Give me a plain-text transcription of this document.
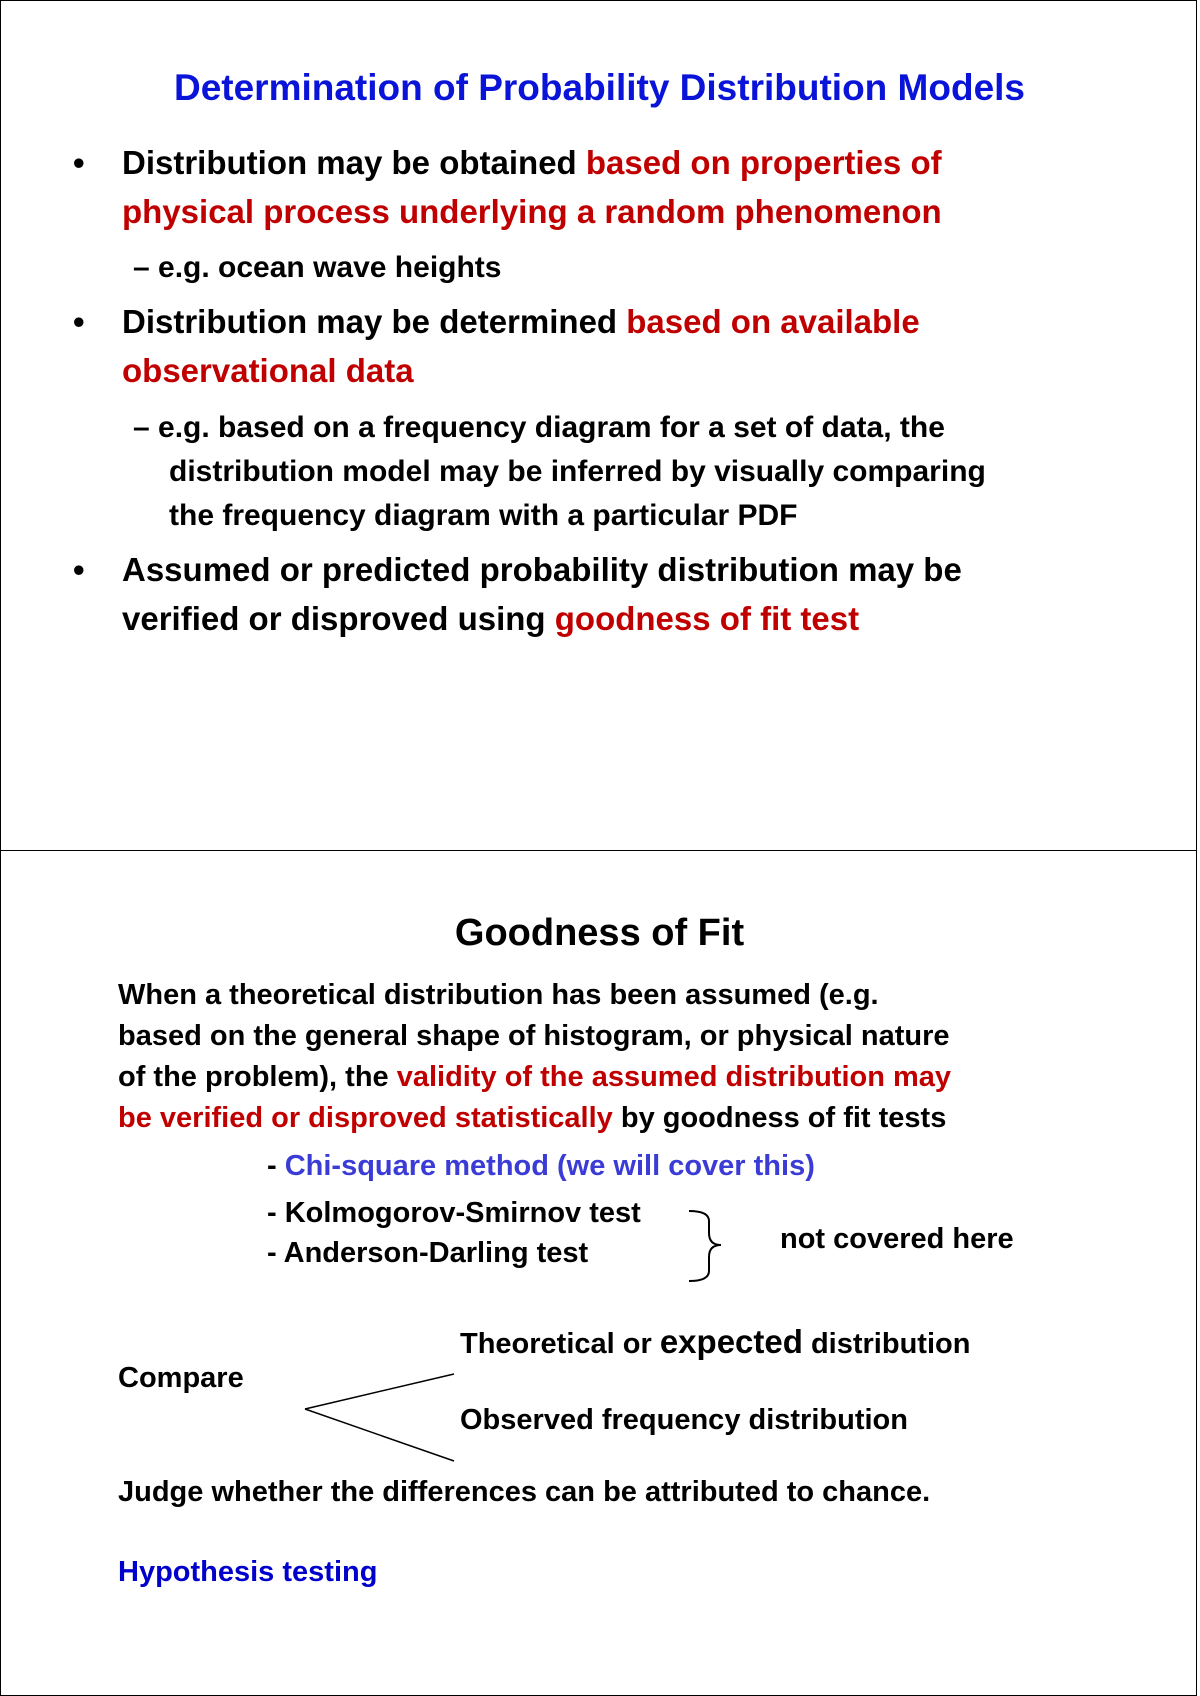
Determination of Probability Distribution Models
• Distribution may be obtained based on properties of
physical process underlying a random phenomenon
– e.g. ocean wave heights
• Distribution may be determined based on available
observational data
– e.g. based on a frequency diagram for a set of data, the
distribution model may be inferred by visually comparing
the frequency diagram with a particular PDF
• Assumed or predicted probability distribution may be
verified or disproved using goodness of fit test
Goodness of Fit
When a theoretical distribution has been assumed (e.g.
based on the general shape of histogram, or physical nature
of the problem), the validity of the assumed distribution may
be verified or disproved statistically by goodness of fit tests
- Chi-square method (we will cover this)
- Kolmogorov-Smirnov test
- Anderson-Darling test	not covered here
Theoretical or expected distribution
Compare
Observed frequency distribution
Judge whether the differences can be attributed to chance.
Hypothesis testing
